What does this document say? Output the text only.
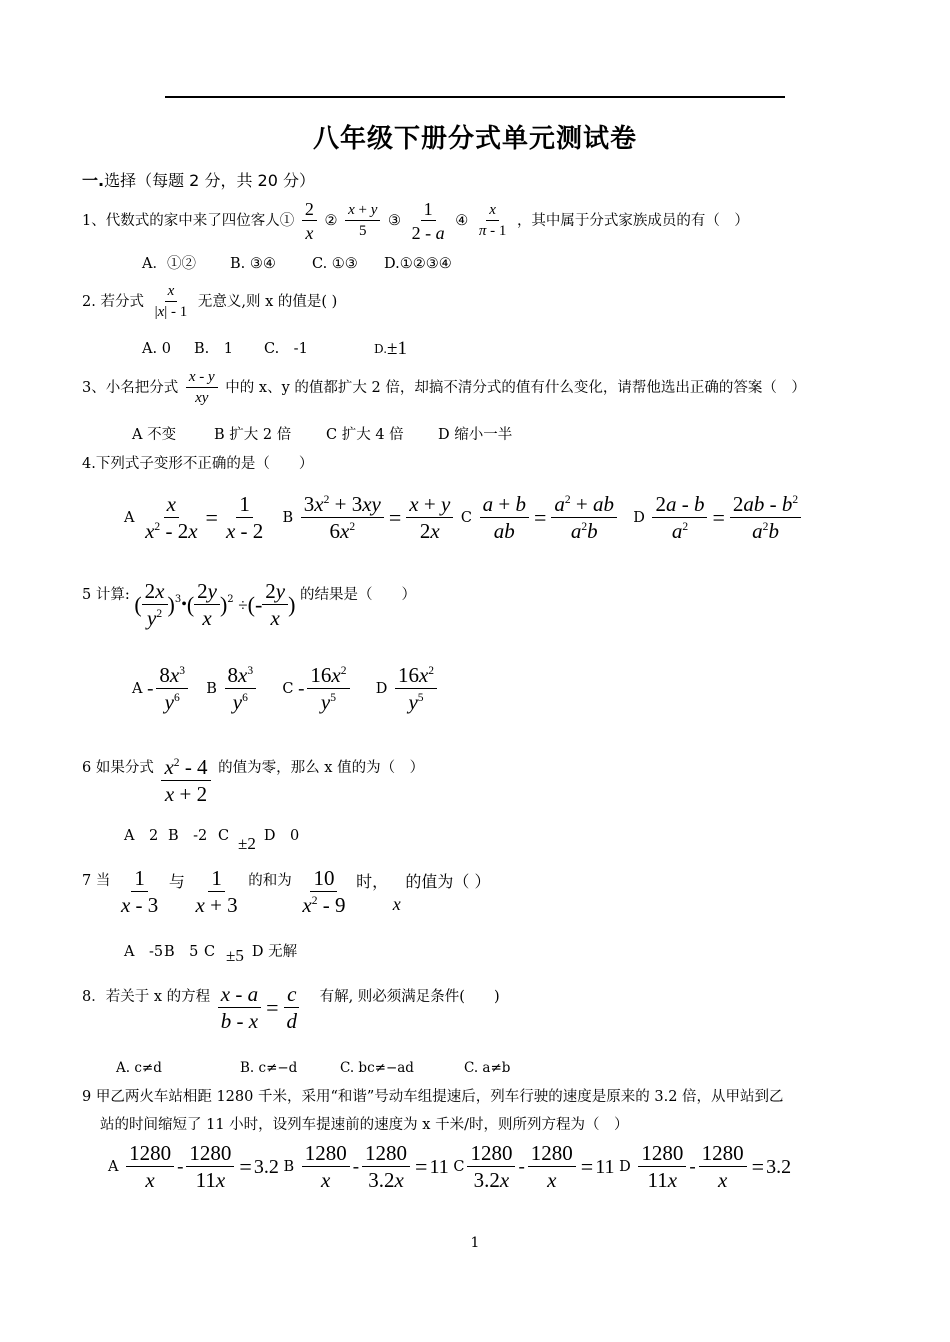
八年级下册分式单元测试卷
一.选择（每题 2 分，共 20 分）
1、代数式的家中来了四位客人① $\frac{2}{x}$ ② $\frac{x + y}{5}$ ③ $\frac{1}{2 - a}$ ④ $\frac{x}{\pi - 1}$ ，其中属于分式家族成员的有（　）
A．①② B. ③④ C. ①③ D.①②③④
2. 若分式 $\frac{x}{|x| - 1}$ 无意义,则 x 的值是( )
A. 0 B.　1 C.　-1	D.±1
3、小名把分式 $\frac{x - y}{xy}$ 中的 x、y 的值都扩大 2 倍，却搞不清分式的值有什么变化，请帮他选出正确的答案（　）
A 不变	B 扩大 2 倍 C 扩大 4 倍 D 缩小一半
4.下列式子变形不正确的是（　　）
A $\frac{x}{x^2 - 2x} = \frac{1}{x - 2}$ B $\frac{3x^2 + 3xy}{6x^2} = \frac{x + y}{2x}$ C $\frac{a + b}{ab} = \frac{a^2 + ab}{a^2b}$ D $\frac{2a - b}{a^2} = \frac{2ab - b^2}{a^2b}$
5 计算: ( $\frac{2x}{y^2}$ )$^3$•( $\frac{2y}{x} )^2$ ÷(- $\frac{2y}{x}$ ) 的结果是（　　）
A - $\frac{8x^3}{y^6}$ B $\frac{8x^3}{y^6}$ C - $\frac{16x^2}{y^5}$ D $\frac{16x^2}{y^5}$
6 如果分式 $\frac{x^2 - 4}{x + 2}$ 的值为零，那么 x 值的为（　）
A　2 B　-2 C ±2 D　0
7 当 $\frac{1}{x - 3}$ 与 $\frac{1}{x + 3}$ 的和为 $\frac{10}{x^2 - 9}$ 时， x 的值为（ ）
A　-5B　5 C ±5 D 无解
8．若关于 x 的方程 $\frac{x - a}{b - x} = \frac{c}{d}$ 有解, 则必须满足条件(　　)
A. c≠d	B. c≠−d	C. bc≠−ad	C. a≠b
9 甲乙两火车站相距 1280 千米，采用“和谐”号动车组提速后，列车行驶的速度是原来的 3.2 倍，从甲站到乙
站的时间缩短了 11 小时，设列车提速前的速度为 x 千米/时，则所列方程为（　）
A $\frac{1280}{x} - \frac{1280}{11x} = 3.2$ B $\frac{1280}{x} - \frac{1280}{3.2x} = 11$ C $\frac{1280}{3.2x} - \frac{1280}{x} = 11$ D $\frac{1280}{11x} - \frac{1280}{x} = 3.2$
1
